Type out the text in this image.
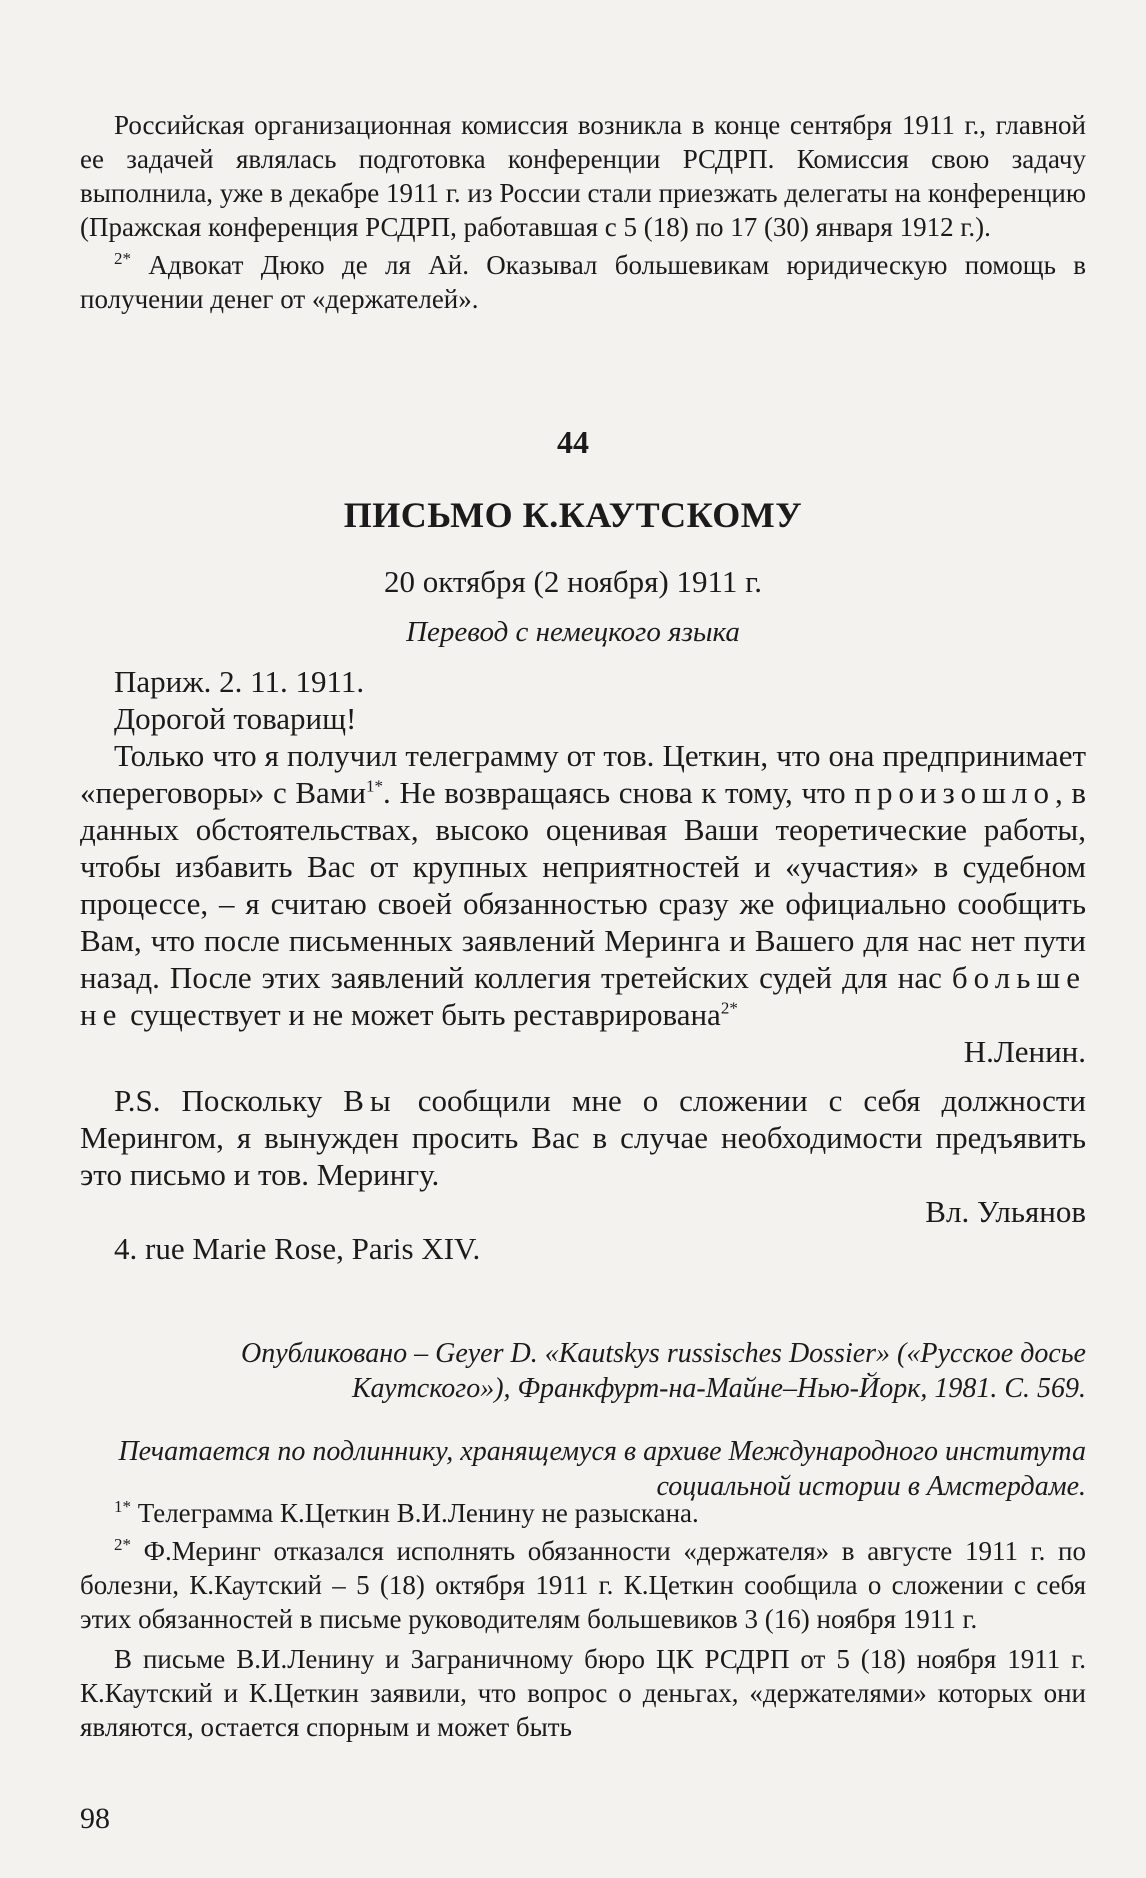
Российская организационная комиссия возникла в конце сентября 1911 г., главной ее задачей являлась подготовка конференции РСДРП. Комиссия свою задачу выполнила, уже в декабре 1911 г. из России стали приезжать делегаты на конференцию (Пражская конференция РСДРП, работавшая с 5 (18) по 17 (30) января 1912 г.).

$^{2*}$ Адвокат Дюко де ля Ай. Оказывал большевикам юридическую помощь в получении денег от «держателей».

44
ПИСЬМО К.КАУТСКОМУ
20 октября (2 ноября) 1911 г.
Перевод с немецкого языка

Париж. 2. 11. 1911.

Дорогой товарищ!

Только что я получил телеграмму от тов. Цеткин, что она предпринимает «переговоры» с Вами$^{1*}$. Не возвращаясь снова к тому, что произошло, в данных обстоятельствах, высоко оценивая Ваши теоретические работы, чтобы избавить Вас от крупных неприятностей и «участия» в судебном процессе, – я считаю своей обязанностью сразу же официально сообщить Вам, что после письменных заявлений Меринга и Вашего для нас нет пути назад. После этих заявлений коллегия третейских судей для нас больше не существует и не может быть реставрирована$^{2*}$

Н.Ленин.

P.S. Поскольку Вы сообщили мне о сложении с себя должности Мерингом, я вынужден просить Вас в случае необходимости предъявить это письмо и тов. Мерингу.

Вл. Ульянов

4. rue Marie Rose, Paris XIV.

Опубликовано – Geyer D. «Kautskys russisches Dossier» («Русское досье Каутского»), Франкфурт-на-Майне–Нью-Йорк, 1981. С. 569.

Печатается по подлиннику, хранящемуся в архиве Международного института социальной истории в Амстердаме.

$^{1*}$ Телеграмма К.Цеткин В.И.Ленину не разыскана.

$^{2*}$ Ф.Меринг отказался исполнять обязанности «держателя» в августе 1911 г. по болезни, К.Каутский – 5 (18) октября 1911 г. К.Цеткин сообщила о сложении с себя этих обязанностей в письме руководителям большевиков 3 (16) ноября 1911 г.

В письме В.И.Ленину и Заграничному бюро ЦК РСДРП от 5 (18) ноября 1911 г. К.Каутский и К.Цеткин заявили, что вопрос о деньгах, «держателями» которых они являются, остается спорным и может быть

98
